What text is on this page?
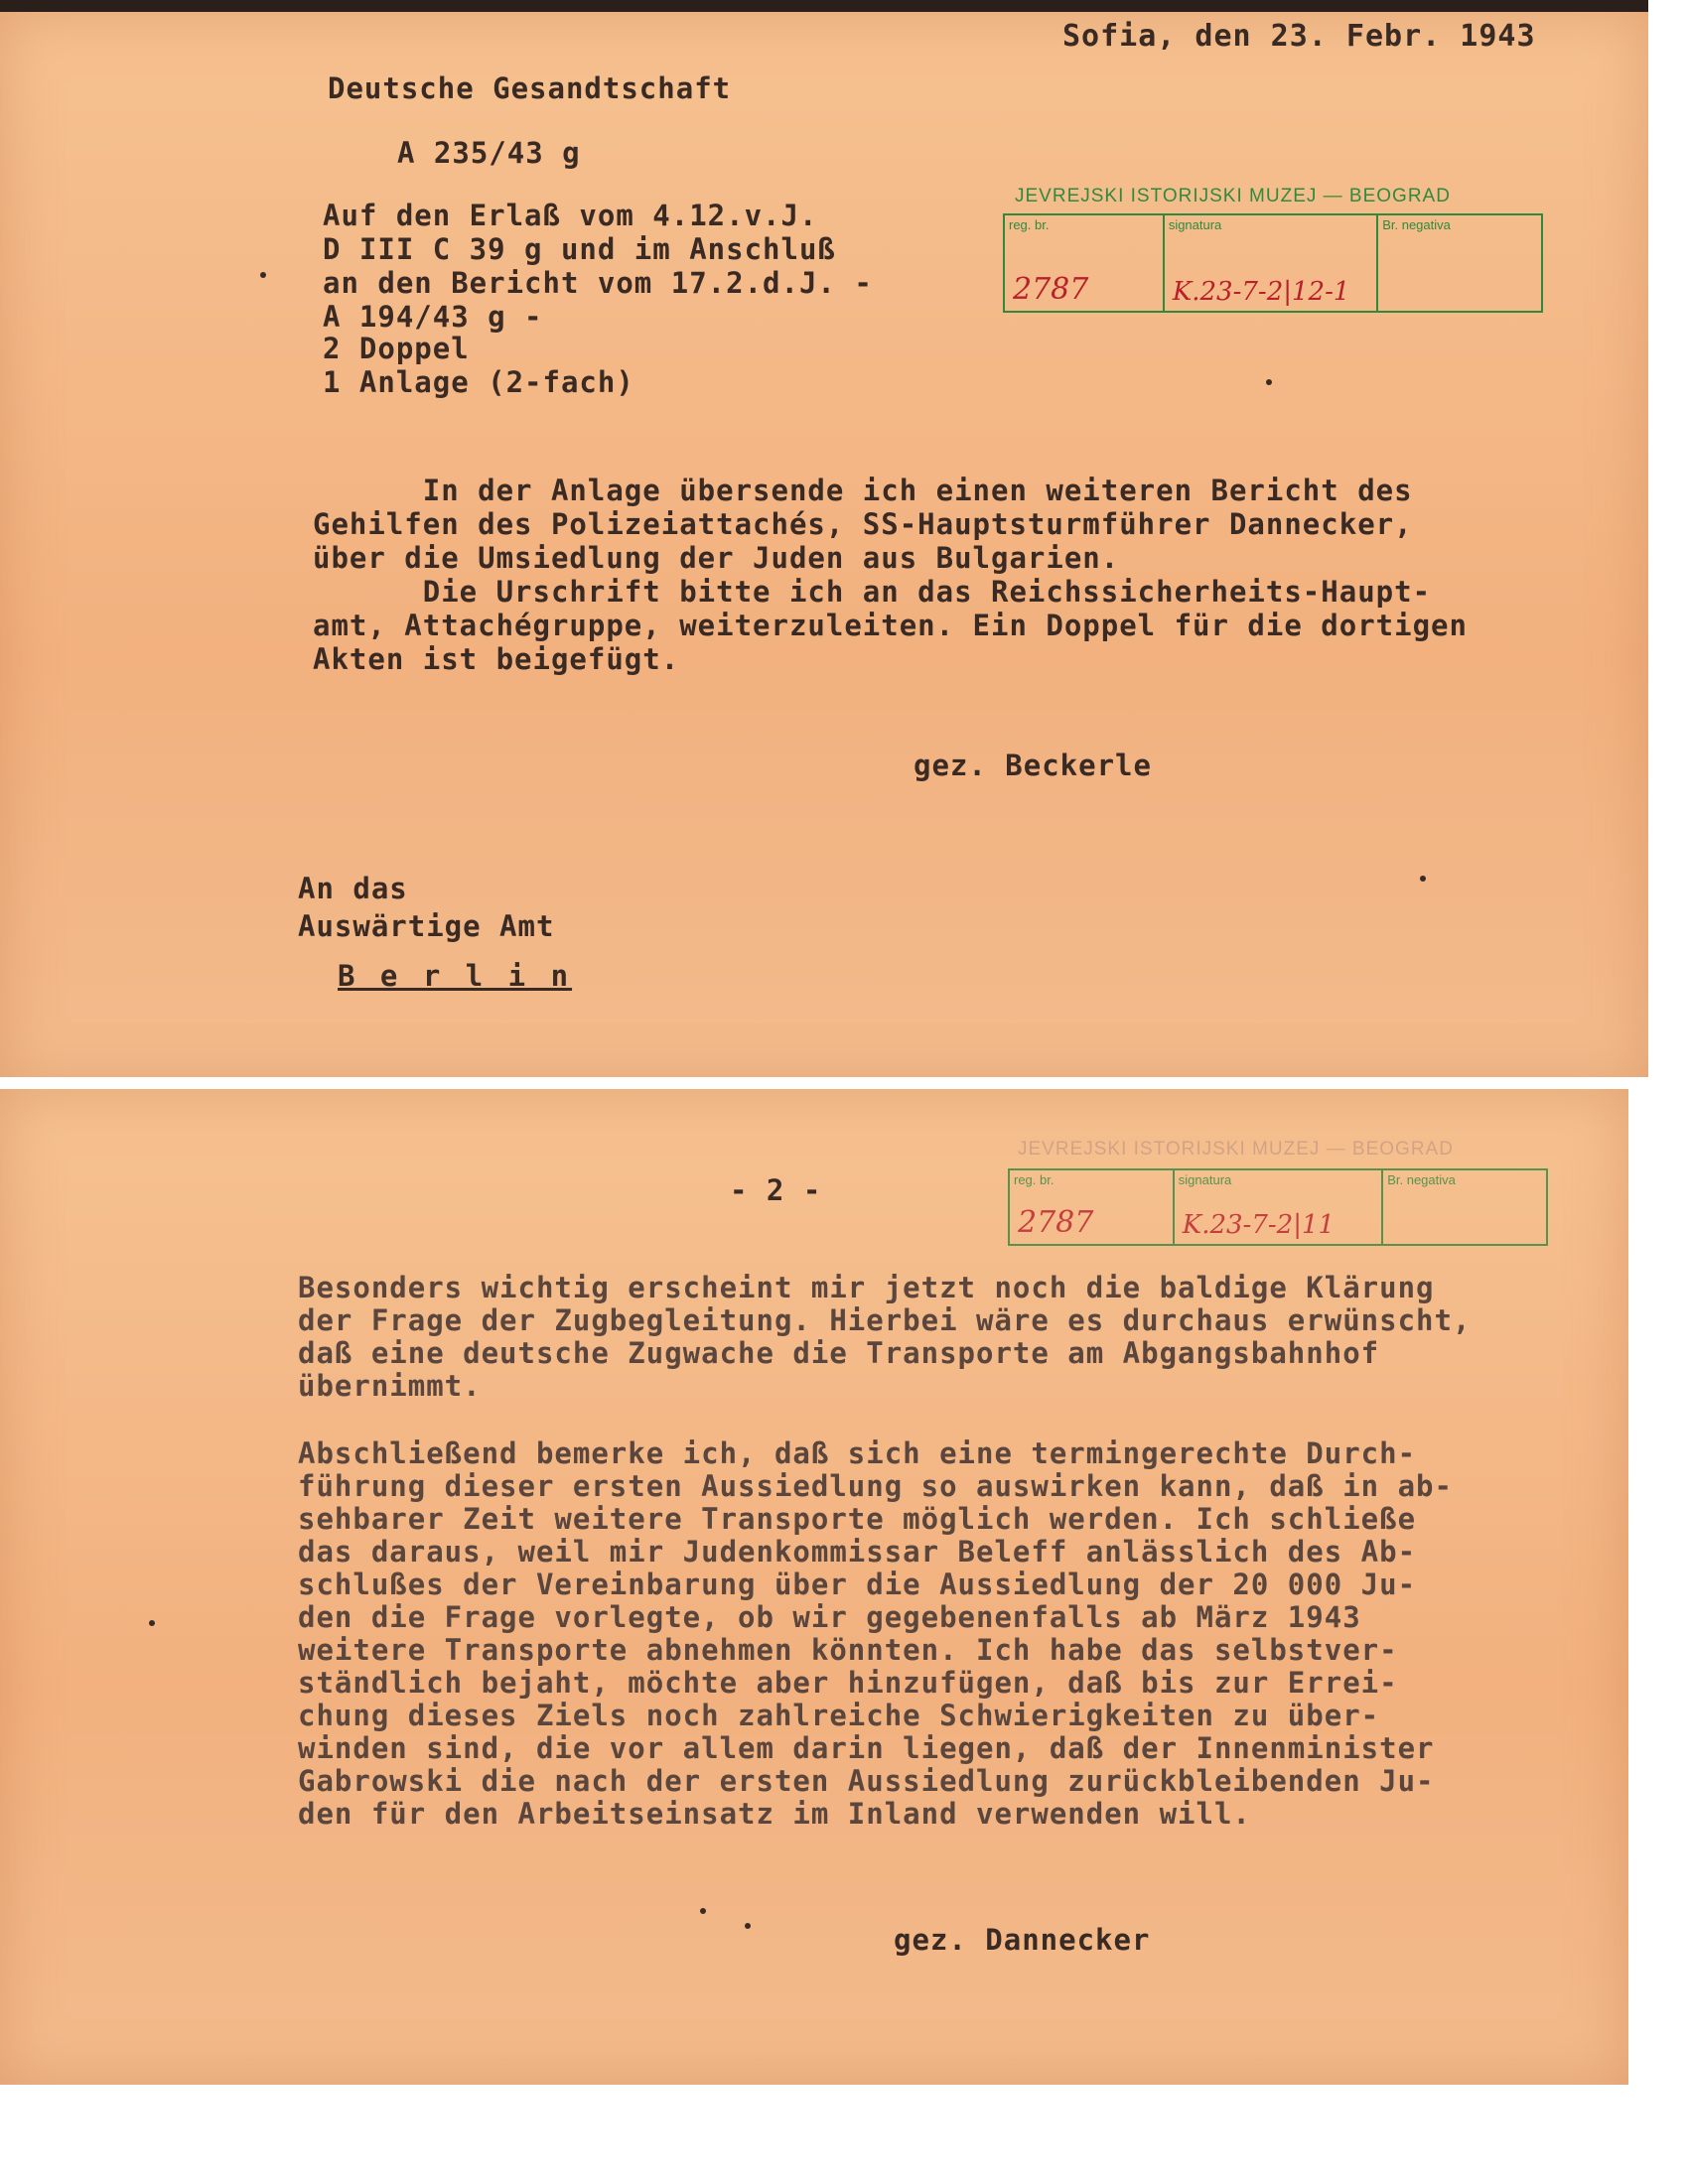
Sofia, den 23. Febr. 1943
Deutsche Gesandtschaft
A 235/43 g
Auf den Erlaß vom 4.12.v.J.
D III C 39 g und im Anschluß
an den Bericht vom 17.2.d.J. -
A 194/43 g -
2 Doppel
1 Anlage (2-fach)
JEVREJSKI ISTORIJSKI MUZEJ — BEOGRAD
reg. br.
2787
signatura
K.23-7-2|12-1
Br. negativa
In der Anlage übersende ich einen weiteren Bericht des
Gehilfen des Polizeiattachés, SS-Hauptsturmführer Dannecker,
über die Umsiedlung der Juden aus Bulgarien.
Die Urschrift bitte ich an das Reichssicherheits-Haupt-
amt, Attachégruppe, weiterzuleiten. Ein Doppel für die dortigen
Akten ist beigefügt.
gez. Beckerle
An das
Auswärtige Amt
B e r l i n
JEVREJSKI ISTORIJSKI MUZEJ — BEOGRAD
reg. br.
2787
signatura
K.23-7-2|11
Br. negativa
- 2 -
Besonders wichtig erscheint mir jetzt noch die baldige Klärung
der Frage der Zugbegleitung. Hierbei wäre es durchaus erwünscht,
daß eine deutsche Zugwache die Transporte am Abgangsbahnhof
übernimmt.
Abschließend bemerke ich, daß sich eine termingerechte Durch-
führung dieser ersten Aussiedlung so auswirken kann, daß in ab-
sehbarer Zeit weitere Transporte möglich werden. Ich schließe
das daraus, weil mir Judenkommissar Beleff anlässlich des Ab-
schlußes der Vereinbarung über die Aussiedlung der 20 000 Ju-
den die Frage vorlegte, ob wir gegebenenfalls ab März 1943
weitere Transporte abnehmen könnten. Ich habe das selbstver-
ständlich bejaht, möchte aber hinzufügen, daß bis zur Errei-
chung dieses Ziels noch zahlreiche Schwierigkeiten zu über-
winden sind, die vor allem darin liegen, daß der Innenminister
Gabrowski die nach der ersten Aussiedlung zurückbleibenden Ju-
den für den Arbeitseinsatz im Inland verwenden will.
gez. Dannecker
